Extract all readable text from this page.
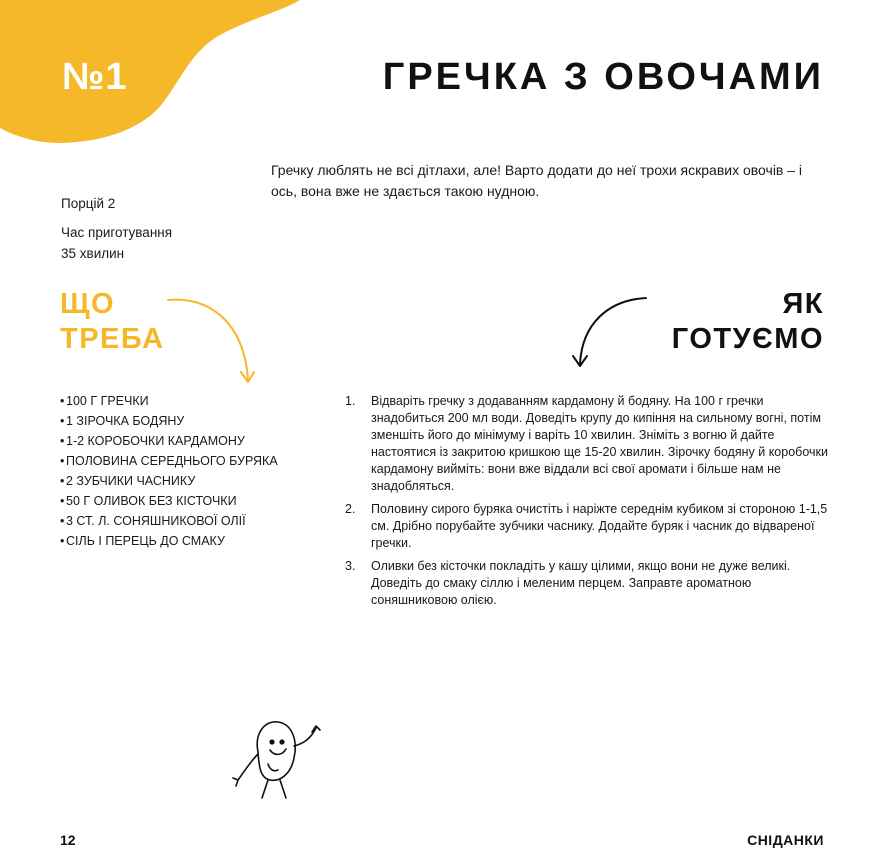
№1	ГРЕЧКА З ОВОЧАМИ

Гречку люблять не всі дітлахи, але! Варто додати до неї трохи яскравих овочів – і ось, вона вже не здається такою нудною.

Порцій 2

Час приготування

35 хвилин

ЩО
ТРЕБА
ЯК
ГОТУЄМО
• 100 Г ГРЕЧКИ
• 1 ЗІРОЧКА БОДЯНУ
• 1-2 КОРОБОЧКИ КАРДАМОНУ
• ПОЛОВИНА СЕРЕДНЬОГО БУРЯКА
• 2 ЗУБЧИКИ ЧАСНИКУ
• 50 Г ОЛИВОК БЕЗ КІСТОЧКИ
• 3 СТ. Л. СОНЯШНИКОВОЇ ОЛІЇ
• СІЛЬ І ПЕРЕЦЬ ДО СМАКУ
1. Відваріть гречку з додаванням кардамону й бодяну. На 100 г гречки знадобиться 200 мл води. Доведіть крупу до кипіння на сильному вогні, потім зменшіть його до мінімуму і варіть 10 хвилин. Зніміть з вогню й дайте настоятися із закритою кришкою ще 15-20 хвилин. Зірочку бодяну й коробочки кардамону вийміть: вони вже віддали всі свої аромати і більше нам не знадобляться.
2. Половину сирого буряка очистіть і наріжте середнім кубиком зі стороною 1-1,5 см. Дрібно порубайте зубчики часнику. Додайте буряк і часник до відвареної гречки.
3. Оливки без кісточки покладіть у кашу цілими, якщо вони не дуже великі. Доведіть до смаку сіллю і меленим перцем. Заправте ароматною соняшниковою олією.

12	СНІДАНКИ
